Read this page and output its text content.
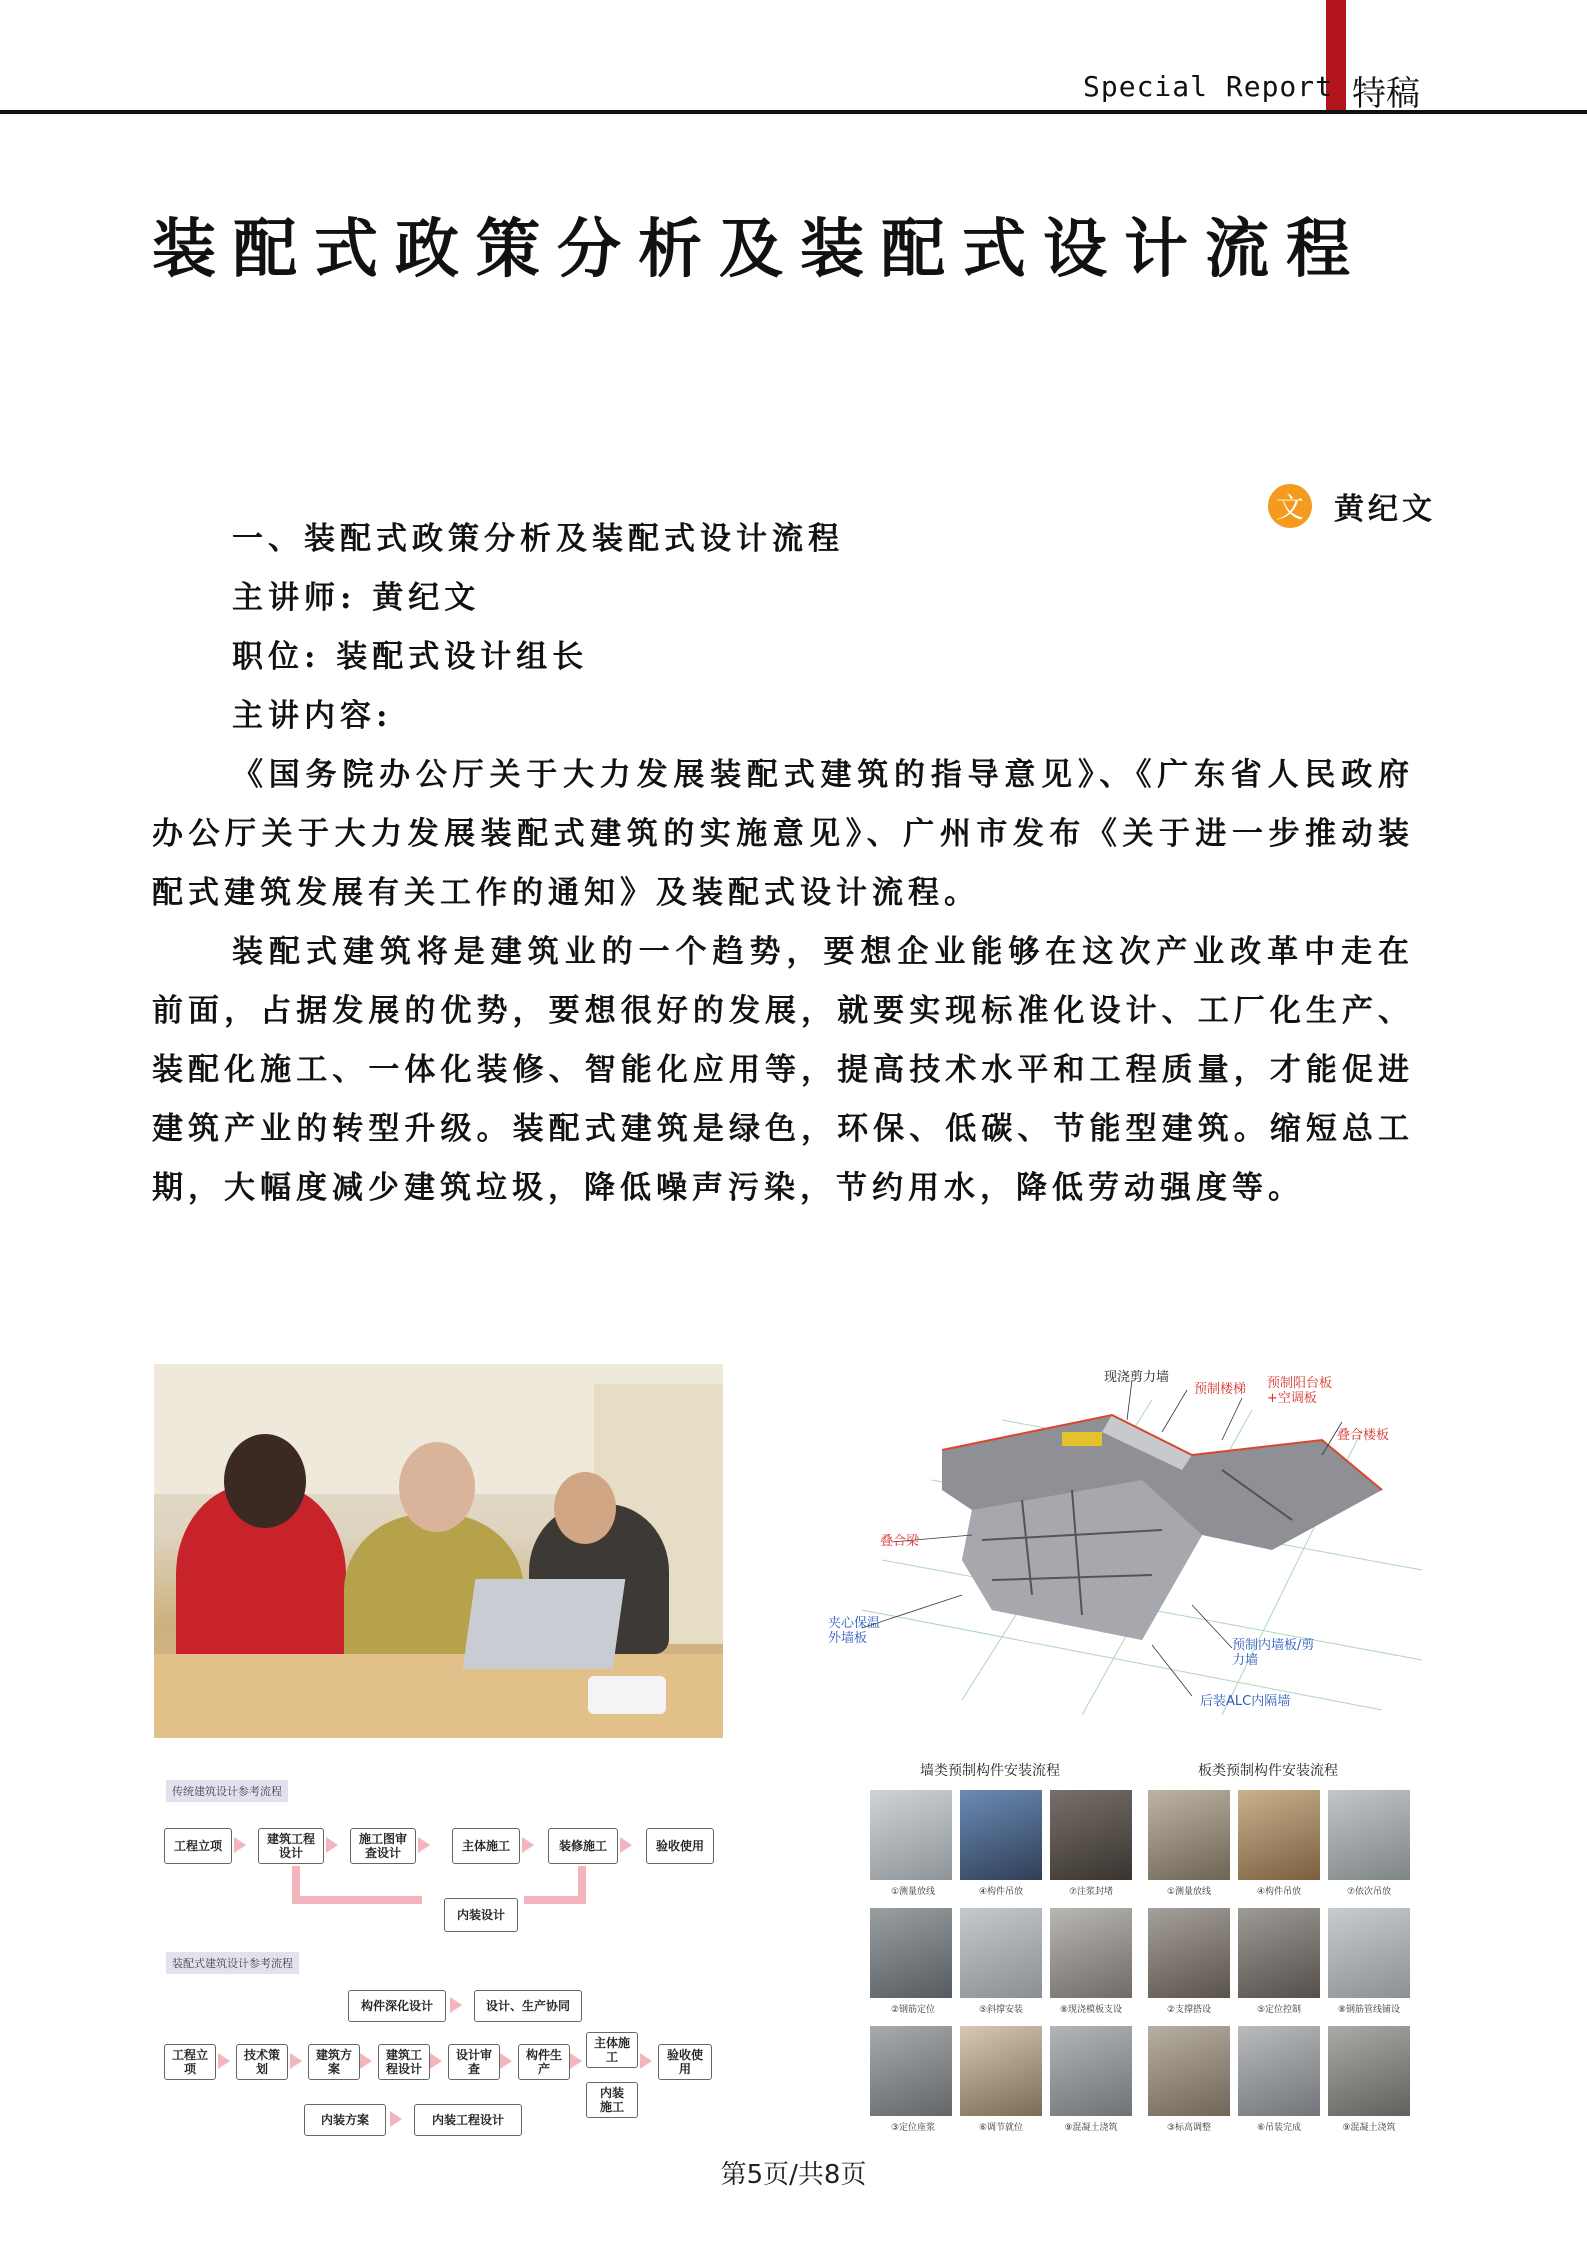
Special Report 特稿
装配式政策分析及装配式设计流程
文 黄纪文

一、装配式政策分析及装配式设计流程

主讲师: 黄纪文

职位: 装配式设计组长

主讲内容:

《国务院办公厅关于大力发展装配式建筑的指导意见》、《广东省人民政府办公厅关于大力发展装配式建筑的实施意见》、广州市发布《关于进一步推动装配式建筑发展有关工作的通知》及装配式设计流程。

装配式建筑将是建筑业的一个趋势，要想企业能够在这次产业改革中走在前面，占据发展的优势，要想很好的发展，就要实现标准化设计、工厂化生产、装配化施工、一体化装修、智能化应用等，提高技术水平和工程质量，才能促进建筑产业的转型升级。装配式建筑是绿色，环保、低碳、节能型建筑。缩短总工期，大幅度减少建筑垃圾，降低噪声污染，节约用水，降低劳动强度等。

现浇剪力墙
预制楼梯 预制阳台板
+空调板
叠合楼板
叠合梁
夹心保温
外墙板	预制内墙板/剪
力墙
后装ALC内隔墙
传统建筑设计参考流程
工程立项	建筑工程
设计
施工图审
查设计	主体施工	装修施工	验收使用
内装设计
装配式建筑设计参考流程
构件深化设计	设计、生产协同
工程立
项
技术策
划
建筑方
案
建筑工
程设计
设计审
查
构件生
产
主体施
工
内装
施工
验收使
用
内装方案	内装工程设计
墙类预制构件安装流程	板类预制构件安装流程
①测量放线	④构件吊放	⑦注浆封堵
②钢筋定位	⑤斜撑安装	⑧现浇模板支设
③定位座浆	⑥调节就位	⑨混凝土浇筑
①测量放线	④构件吊放	⑦依次吊放
②支撑搭设	⑤定位控制	⑧钢筋管线铺设
③标高调整	⑥吊装完成	⑨混凝土浇筑
第5页/共8页
